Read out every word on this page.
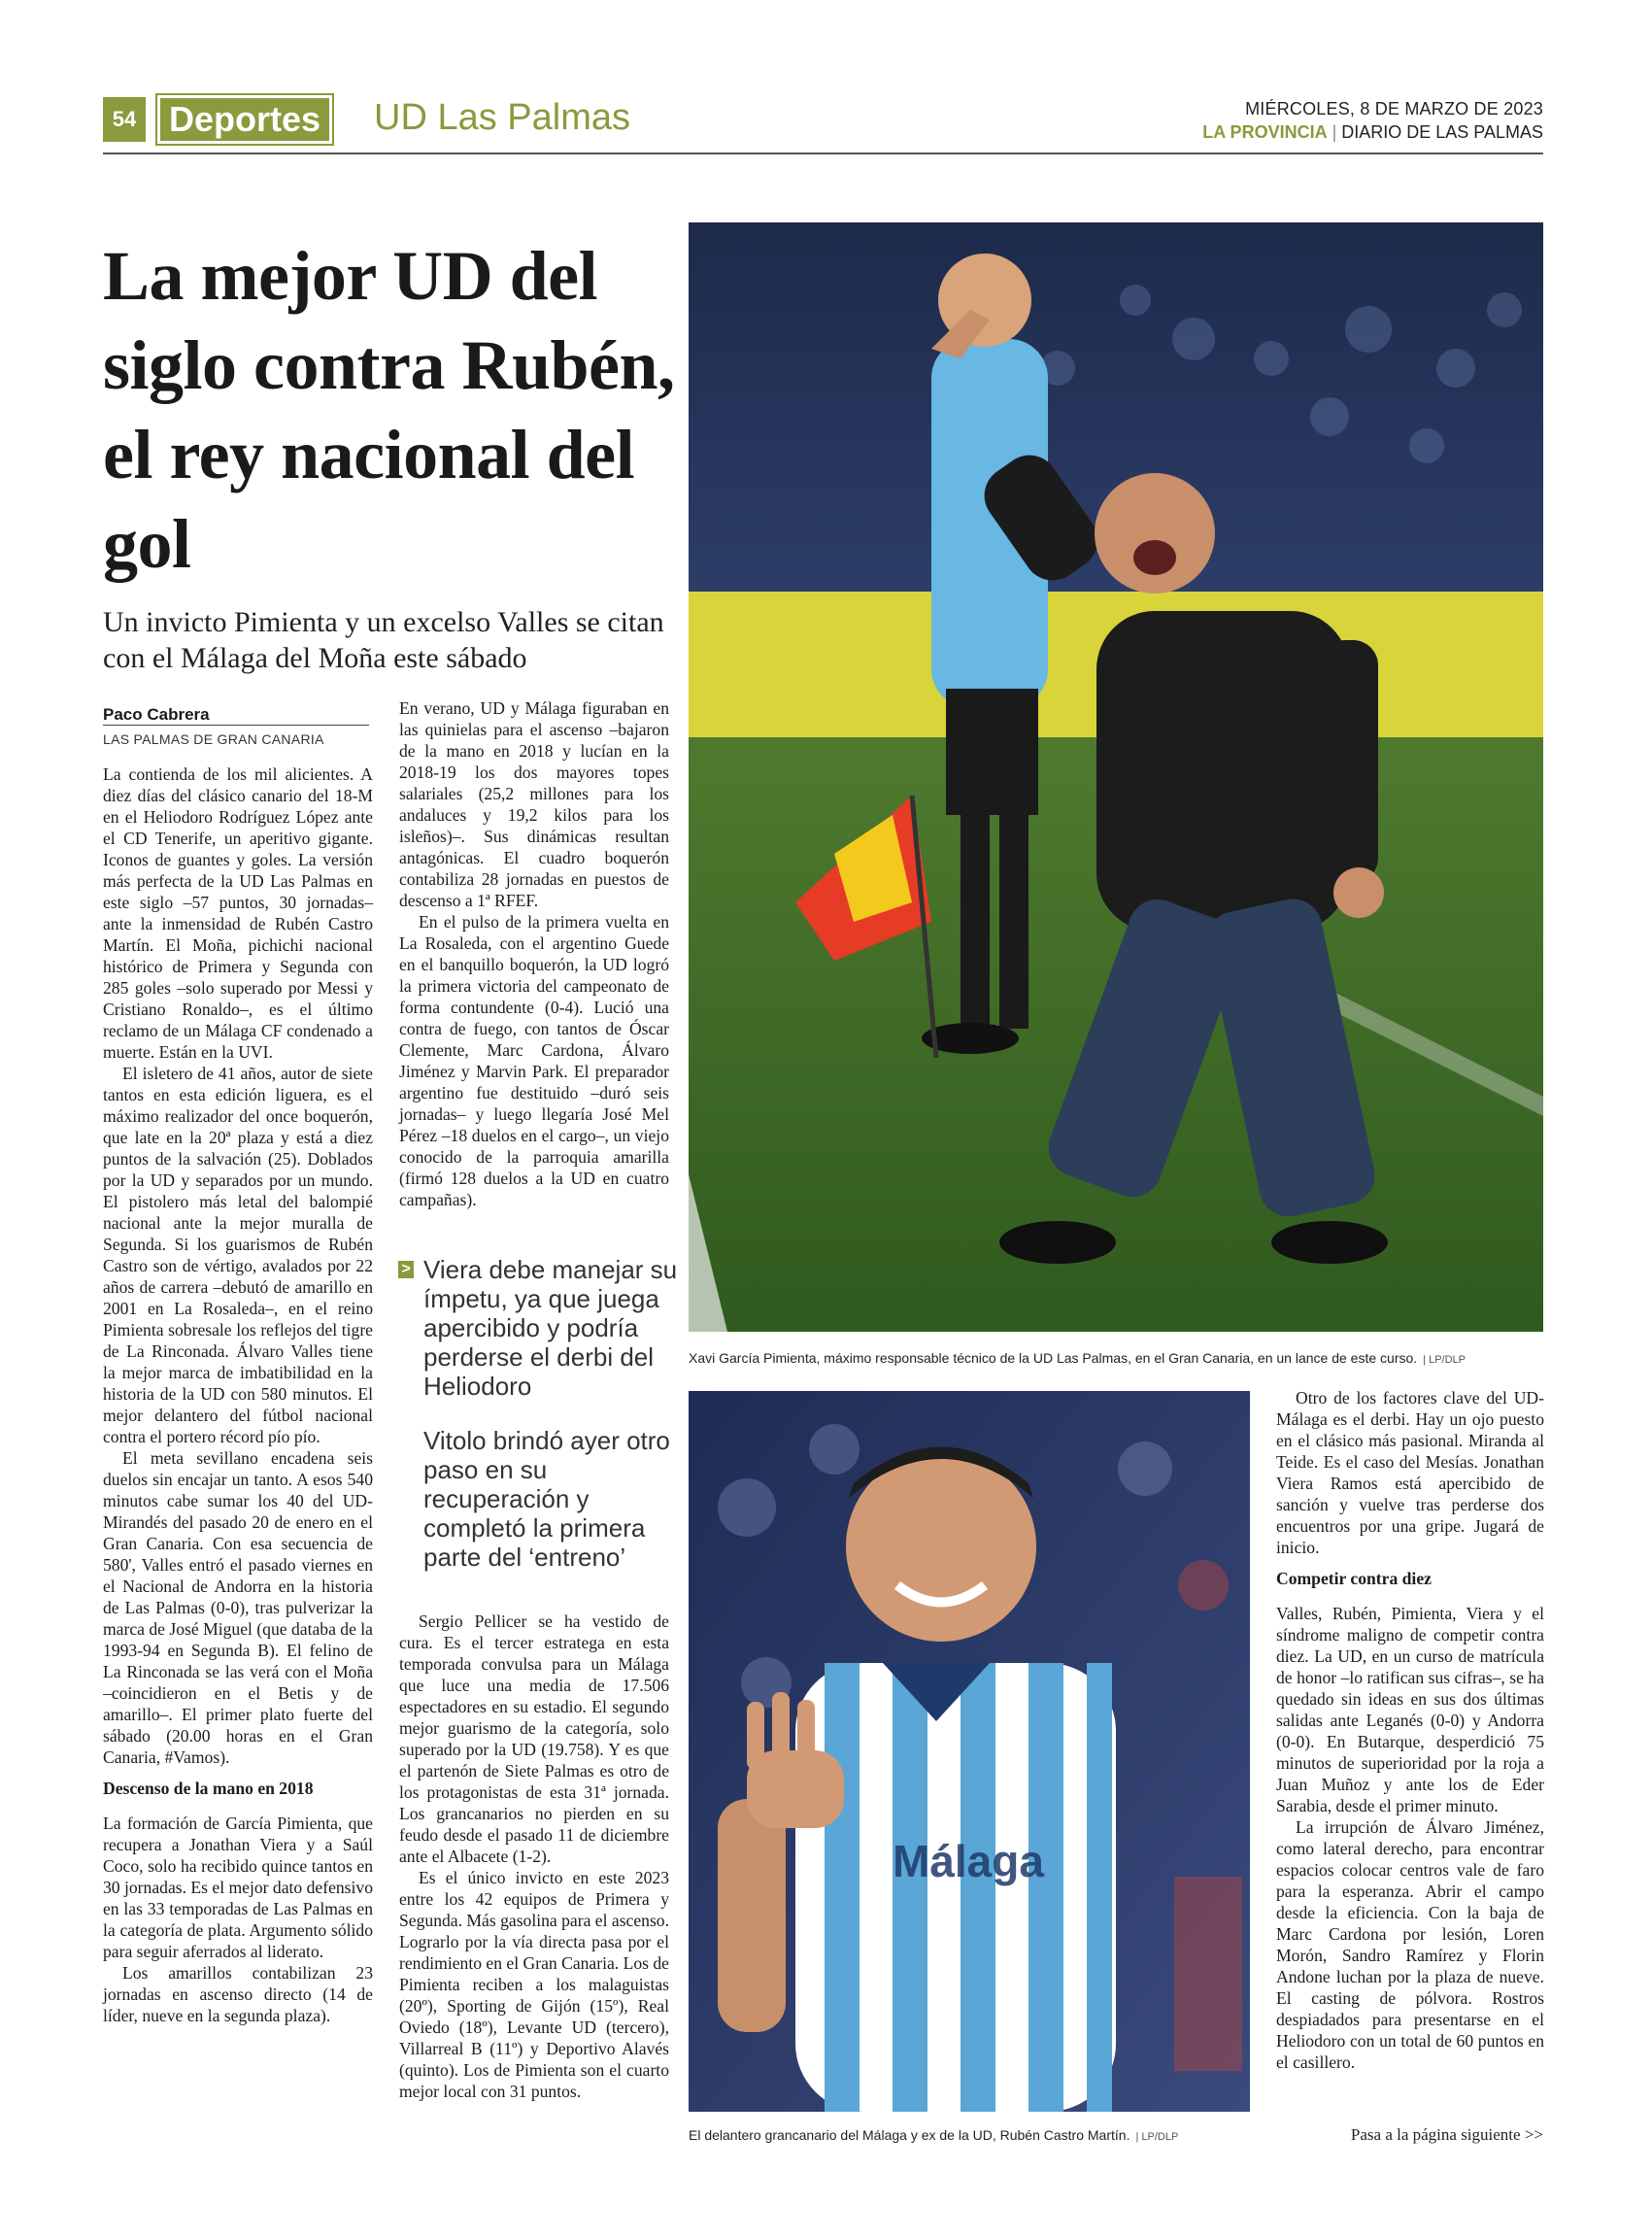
54 Deportes	UD Las Palmas	MIÉRCOLES, 8 DE MARZO DE 2023
LA PROVINCIA | DIARIO DE LAS PALMAS
La mejor UD del siglo contra Rubén, el rey nacional del gol
Un invicto Pimienta y un excelso Valles se citan con el Málaga del Moña este sábado
Paco Cabrera
LAS PALMAS DE GRAN CANARIA

La contienda de los mil alicientes. A diez días del clásico canario del 18-M en el Heliodoro Rodríguez López ante el CD Tenerife, un aperitivo gigante. Iconos de guantes y goles. La versión más perfecta de la UD Las Palmas en este siglo –57 puntos, 30 jornadas– ante la inmensidad de Rubén Castro Martín. El Moña, pichichi nacional histórico de Primera y Segunda con 285 goles –solo superado por Messi y Cristiano Ronaldo–, es el último reclamo de un Málaga CF condenado a muerte. Están en la UVI.

El isletero de 41 años, autor de siete tantos en esta edición liguera, es el máximo realizador del once boquerón, que late en la 20ª plaza y está a diez puntos de la salvación (25). Doblados por la UD y separados por un mundo. El pistolero más letal del balompié nacional ante la mejor muralla de Segunda. Si los guarismos de Rubén Castro son de vértigo, avalados por 22 años de carrera –debutó de amarillo en 2001 en La Rosaleda–, en el reino Pimienta sobresale los reflejos del tigre de La Rinconada. Álvaro Valles tiene la mejor marca de imbatibilidad en la historia de la UD con 580 minutos. El mejor delantero del fútbol nacional contra el portero récord pío pío.

El meta sevillano encadena seis duelos sin encajar un tanto. A esos 540 minutos cabe sumar los 40 del UD-Mirandés del pasado 20 de enero en el Gran Canaria. Con esa secuencia de 580', Valles entró el pasado viernes en el Nacional de Andorra en la historia de Las Palmas (0-0), tras pulverizar la marca de José Miguel (que databa de la 1993-94 en Segunda B). El felino de La Rinconada se las verá con el Moña –coincidieron en el Betis y de amarillo–. El primer plato fuerte del sábado (20.00 horas en el Gran Canaria, #Vamos).

Descenso de la mano en 2018

La formación de García Pimienta, que recupera a Jonathan Viera y a Saúl Coco, solo ha recibido quince tantos en 30 jornadas. Es el mejor dato defensivo en las 33 temporadas de Las Palmas en la categoría de plata. Argumento sólido para seguir aferrados al liderato.

Los amarillos contabilizan 23 jornadas en ascenso directo (14 de líder, nueve en la segunda plaza).

En verano, UD y Málaga figuraban en las quinielas para el ascenso –bajaron de la mano en 2018 y lucían en la 2018-19 los dos mayores topes salariales (25,2 millones para los andaluces y 19,2 kilos para los isleños)–. Sus dinámicas resultan antagónicas. El cuadro boquerón contabiliza 28 jornadas en puestos de descenso a 1ª RFEF.

En el pulso de la primera vuelta en La Rosaleda, con el argentino Guede en el banquillo boquerón, la UD logró la primera victoria del campeonato de forma contundente (0-4). Lució una contra de fuego, con tantos de Óscar Clemente, Marc Cardona, Álvaro Jiménez y Marvin Park. El preparador argentino fue destituido –duró seis jornadas– y luego llegaría José Mel Pérez –18 duelos en el cargo–, un viejo conocido de la parroquia amarilla (firmó 128 duelos a la UD en cuatro campañas).

> Viera debe manejar su ímpetu, ya que juega apercibido y podría perderse el derbi del Heliodoro
Vitolo brindó ayer otro paso en su recuperación y completó la primera parte del ‘entreno’

Sergio Pellicer se ha vestido de cura. Es el tercer estratega en esta temporada convulsa para un Málaga que luce una media de 17.506 espectadores en su estadio. El segundo mejor guarismo de la categoría, solo superado por la UD (19.758). Y es que el partenón de Siete Palmas es otro de los protagonistas de esta 31ª jornada. Los grancanarios no pierden en su feudo desde el pasado 11 de diciembre ante el Albacete (1-2).

Es el único invicto en este 2023 entre los 42 equipos de Primera y Segunda. Más gasolina para el ascenso. Lograrlo por la vía directa pasa por el rendimiento en el Gran Canaria. Los de Pimienta reciben a los malaguistas (20º), Sporting de Gijón (15º), Real Oviedo (18º), Levante UD (tercero), Villarreal B (11º) y Deportivo Alavés (quinto). Los de Pimienta son el cuarto mejor local con 31 puntos.

Xavi García Pimienta, máximo responsable técnico de la UD Las Palmas, en el Gran Canaria, en un lance de este curso. | LP/DLP
Málaga
El delantero grancanario del Málaga y ex de la UD, Rubén Castro Martín. | LP/DLP

Otro de los factores clave del UD-Málaga es el derbi. Hay un ojo puesto en el clásico más pasional. Miranda al Teide. Es el caso del Mesías. Jonathan Viera Ramos está apercibido de sanción y vuelve tras perderse dos encuentros por una gripe. Jugará de inicio.

Competir contra diez

Valles, Rubén, Pimienta, Viera y el síndrome maligno de competir contra diez. La UD, en un curso de matrícula de honor –lo ratifican sus cifras–, se ha quedado sin ideas en sus dos últimas salidas ante Leganés (0-0) y Andorra (0-0). En Butarque, desperdició 75 minutos de superioridad por la roja a Juan Muñoz y ante los de Eder Sarabia, desde el primer minuto.

La irrupción de Álvaro Jiménez, como lateral derecho, para encontrar espacios colocar centros vale de faro para la esperanza. Abrir el campo desde la eficiencia. Con la baja de Marc Cardona por lesión, Loren Morón, Sandro Ramírez y Florin Andone luchan por la plaza de nueve. El casting de pólvora. Rostros despiadados para presentarse en el Heliodoro con un total de 60 puntos en el casillero.

Pasa a la página siguiente >>
